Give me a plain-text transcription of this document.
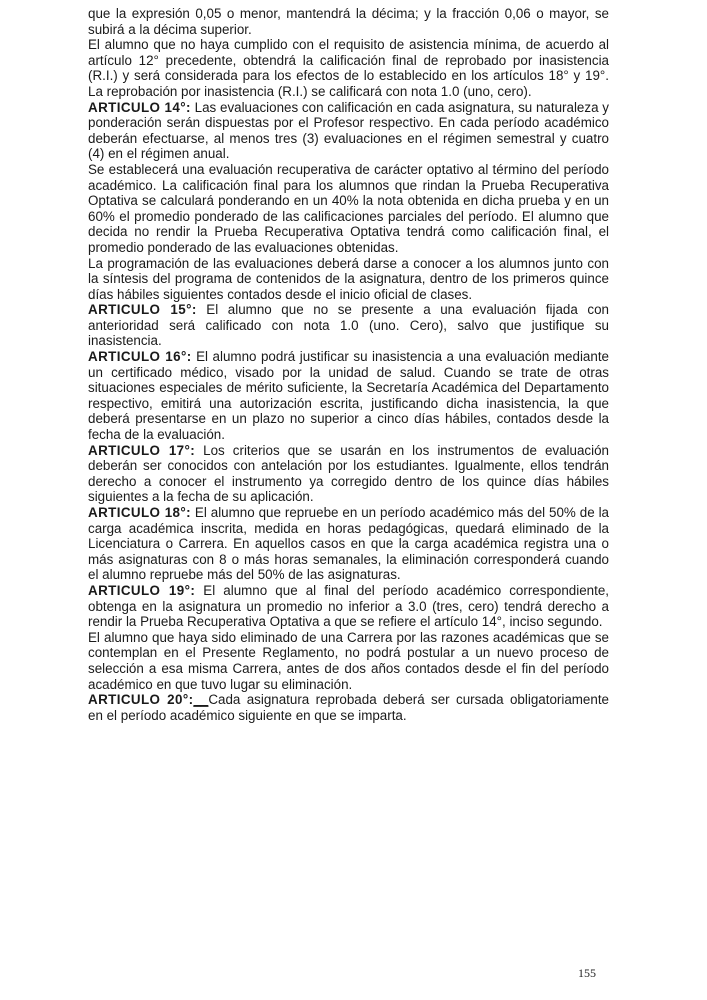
que la expresión 0,05 o menor, mantendrá la décima; y la fracción 0,06 o mayor, se subirá a la décima superior.

El alumno que no haya cumplido con el requisito de asistencia mínima, de acuerdo al artículo 12° precedente, obtendrá la calificación final de reprobado por inasistencia (R.I.) y será considerada para los efectos de lo establecido en los artículos 18° y 19°. La reprobación por inasistencia (R.I.) se calificará con nota 1.0 (uno, cero).

ARTICULO 14°: Las evaluaciones con calificación en cada asignatura, su naturaleza y ponderación serán dispuestas por el Profesor respectivo. En cada período académico deberán efectuarse, al menos tres (3) evaluaciones en el régimen semestral y cuatro (4) en el régimen anual.

Se establecerá una evaluación recuperativa de carácter optativo al término del período académico. La calificación final para los alumnos que rindan la Prueba Recuperativa Optativa se calculará ponderando en un 40% la nota obtenida en dicha prueba y en un 60% el promedio ponderado de las calificaciones parciales del período. El alumno que decida no rendir la Prueba Recuperativa Optativa tendrá como calificación final, el promedio ponderado de las evaluaciones obtenidas.

La programación de las evaluaciones deberá darse a conocer a los alumnos junto con la síntesis del programa de contenidos de la asignatura, dentro de los primeros quince días hábiles siguientes contados desde el inicio oficial de clases.

ARTICULO 15°: El alumno que no se presente a una evaluación fijada con anterioridad será calificado con nota 1.0 (uno. Cero), salvo que justifique su inasistencia.

ARTICULO 16°: El alumno podrá justificar su inasistencia a una evaluación mediante un certificado médico, visado por la unidad de salud. Cuando se trate de otras situaciones especiales de mérito suficiente, la Secretaría Académica del Departamento respectivo, emitirá una autorización escrita, justificando dicha inasistencia, la que deberá presentarse en un plazo no superior a cinco días hábiles, contados desde la fecha de la evaluación.

ARTICULO 17°: Los criterios que se usarán en los instrumentos de evaluación deberán ser conocidos con antelación por los estudiantes. Igualmente, ellos tendrán derecho a conocer el instrumento ya corregido dentro de los quince días hábiles siguientes a la fecha de su aplicación.

ARTICULO 18°: El alumno que repruebe en un período académico más del 50% de la carga académica inscrita, medida en horas pedagógicas, quedará eliminado de la Licenciatura o Carrera. En aquellos casos en que la carga académica registra una o más asignaturas con 8 o más horas semanales, la eliminación corresponderá cuando el alumno repruebe más del 50% de las asignaturas.

ARTICULO 19°: El alumno que al final del período académico correspondiente, obtenga en la asignatura un promedio no inferior a 3.0 (tres, cero) tendrá derecho a rendir la Prueba Recuperativa Optativa a que se refiere el artículo 14°, inciso segundo.

El alumno que haya sido eliminado de una Carrera por las razones académicas que se contemplan en el Presente Reglamento, no podrá postular a un nuevo proceso de selección a esa misma Carrera, antes de dos años contados desde el fin del período académico en que tuvo lugar su eliminación.

ARTICULO 20°:__Cada asignatura reprobada deberá ser cursada obligatoriamente en el período académico siguiente en que se imparta.

155
